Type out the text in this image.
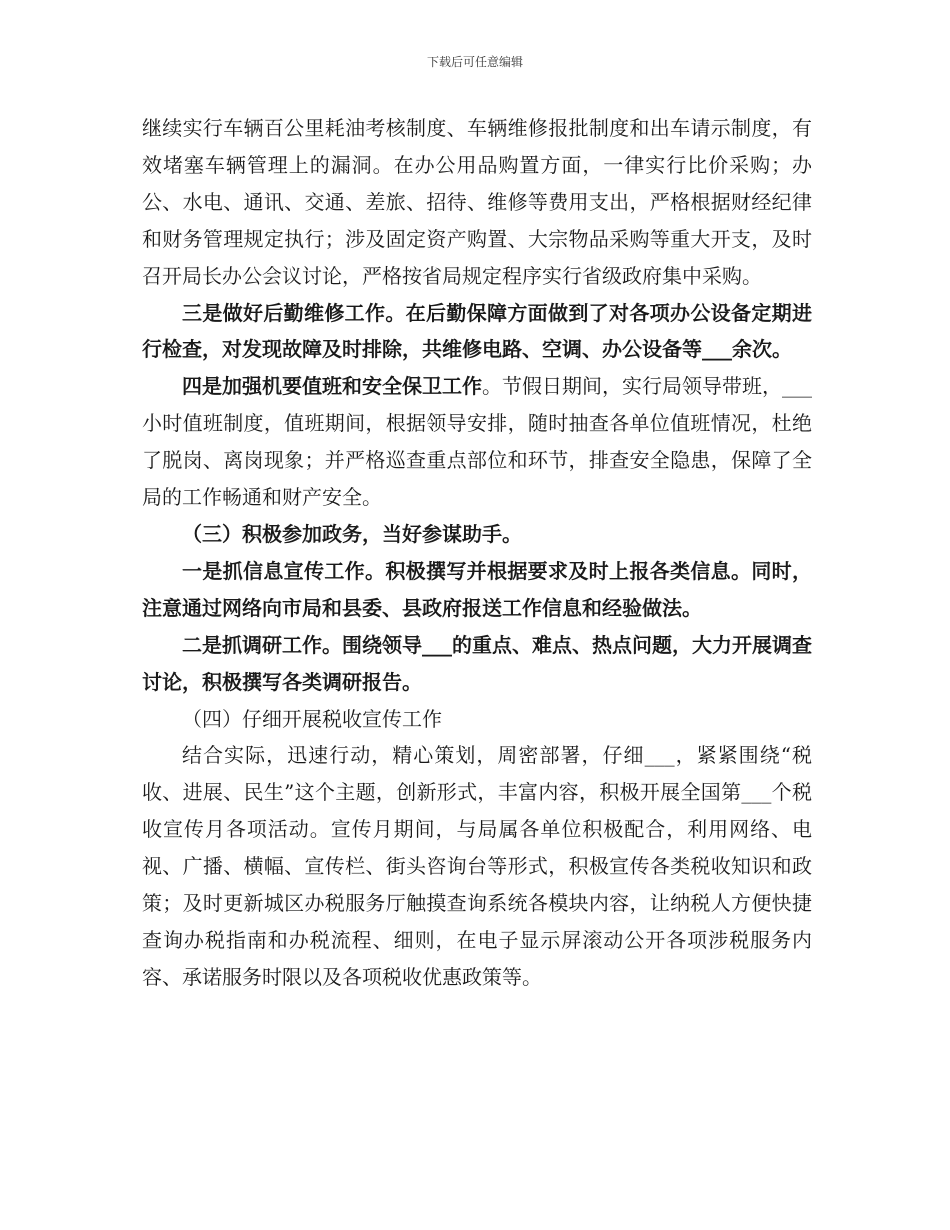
下载后可任意编辑

继续实行车辆百公里耗油考核制度、车辆维修报批制度和出车请示制度，有效堵塞车辆管理上的漏洞。在办公用品购置方面，一律实行比价采购；办公、水电、通讯、交通、差旅、招待、维修等费用支出，严格根据财经纪律和财务管理规定执行；涉及固定资产购置、大宗物品采购等重大开支，及时召开局长办公会议讨论，严格按省局规定程序实行省级政府集中采购。

三是做好后勤维修工作。在后勤保障方面做到了对各项办公设备定期进行检查，对发现故障及时排除，共维修电路、空调、办公设备等___余次。

四是加强机要值班和安全保卫工作。节假日期间，实行局领导带班，___小时值班制度，值班期间，根据领导安排，随时抽查各单位值班情况，杜绝了脱岗、离岗现象；并严格巡查重点部位和环节，排查安全隐患，保障了全局的工作畅通和财产安全。

（三）积极参加政务，当好参谋助手。

一是抓信息宣传工作。积极撰写并根据要求及时上报各类信息。同时，注意通过网络向市局和县委、县政府报送工作信息和经验做法。

二是抓调研工作。围绕领导___的重点、难点、热点问题，大力开展调查讨论，积极撰写各类调研报告。

（四）仔细开展税收宣传工作

结合实际，迅速行动，精心策划，周密部署，仔细___，紧紧围绕“税收、进展、民生”这个主题，创新形式，丰富内容，积极开展全国第___个税收宣传月各项活动。宣传月期间，与局属各单位积极配合，利用网络、电视、广播、横幅、宣传栏、街头咨询台等形式，积极宣传各类税收知识和政策；及时更新城区办税服务厅触摸查询系统各模块内容，让纳税人方便快捷查询办税指南和办税流程、细则，在电子显示屏滚动公开各项涉税服务内容、承诺服务时限以及各项税收优惠政策等。
